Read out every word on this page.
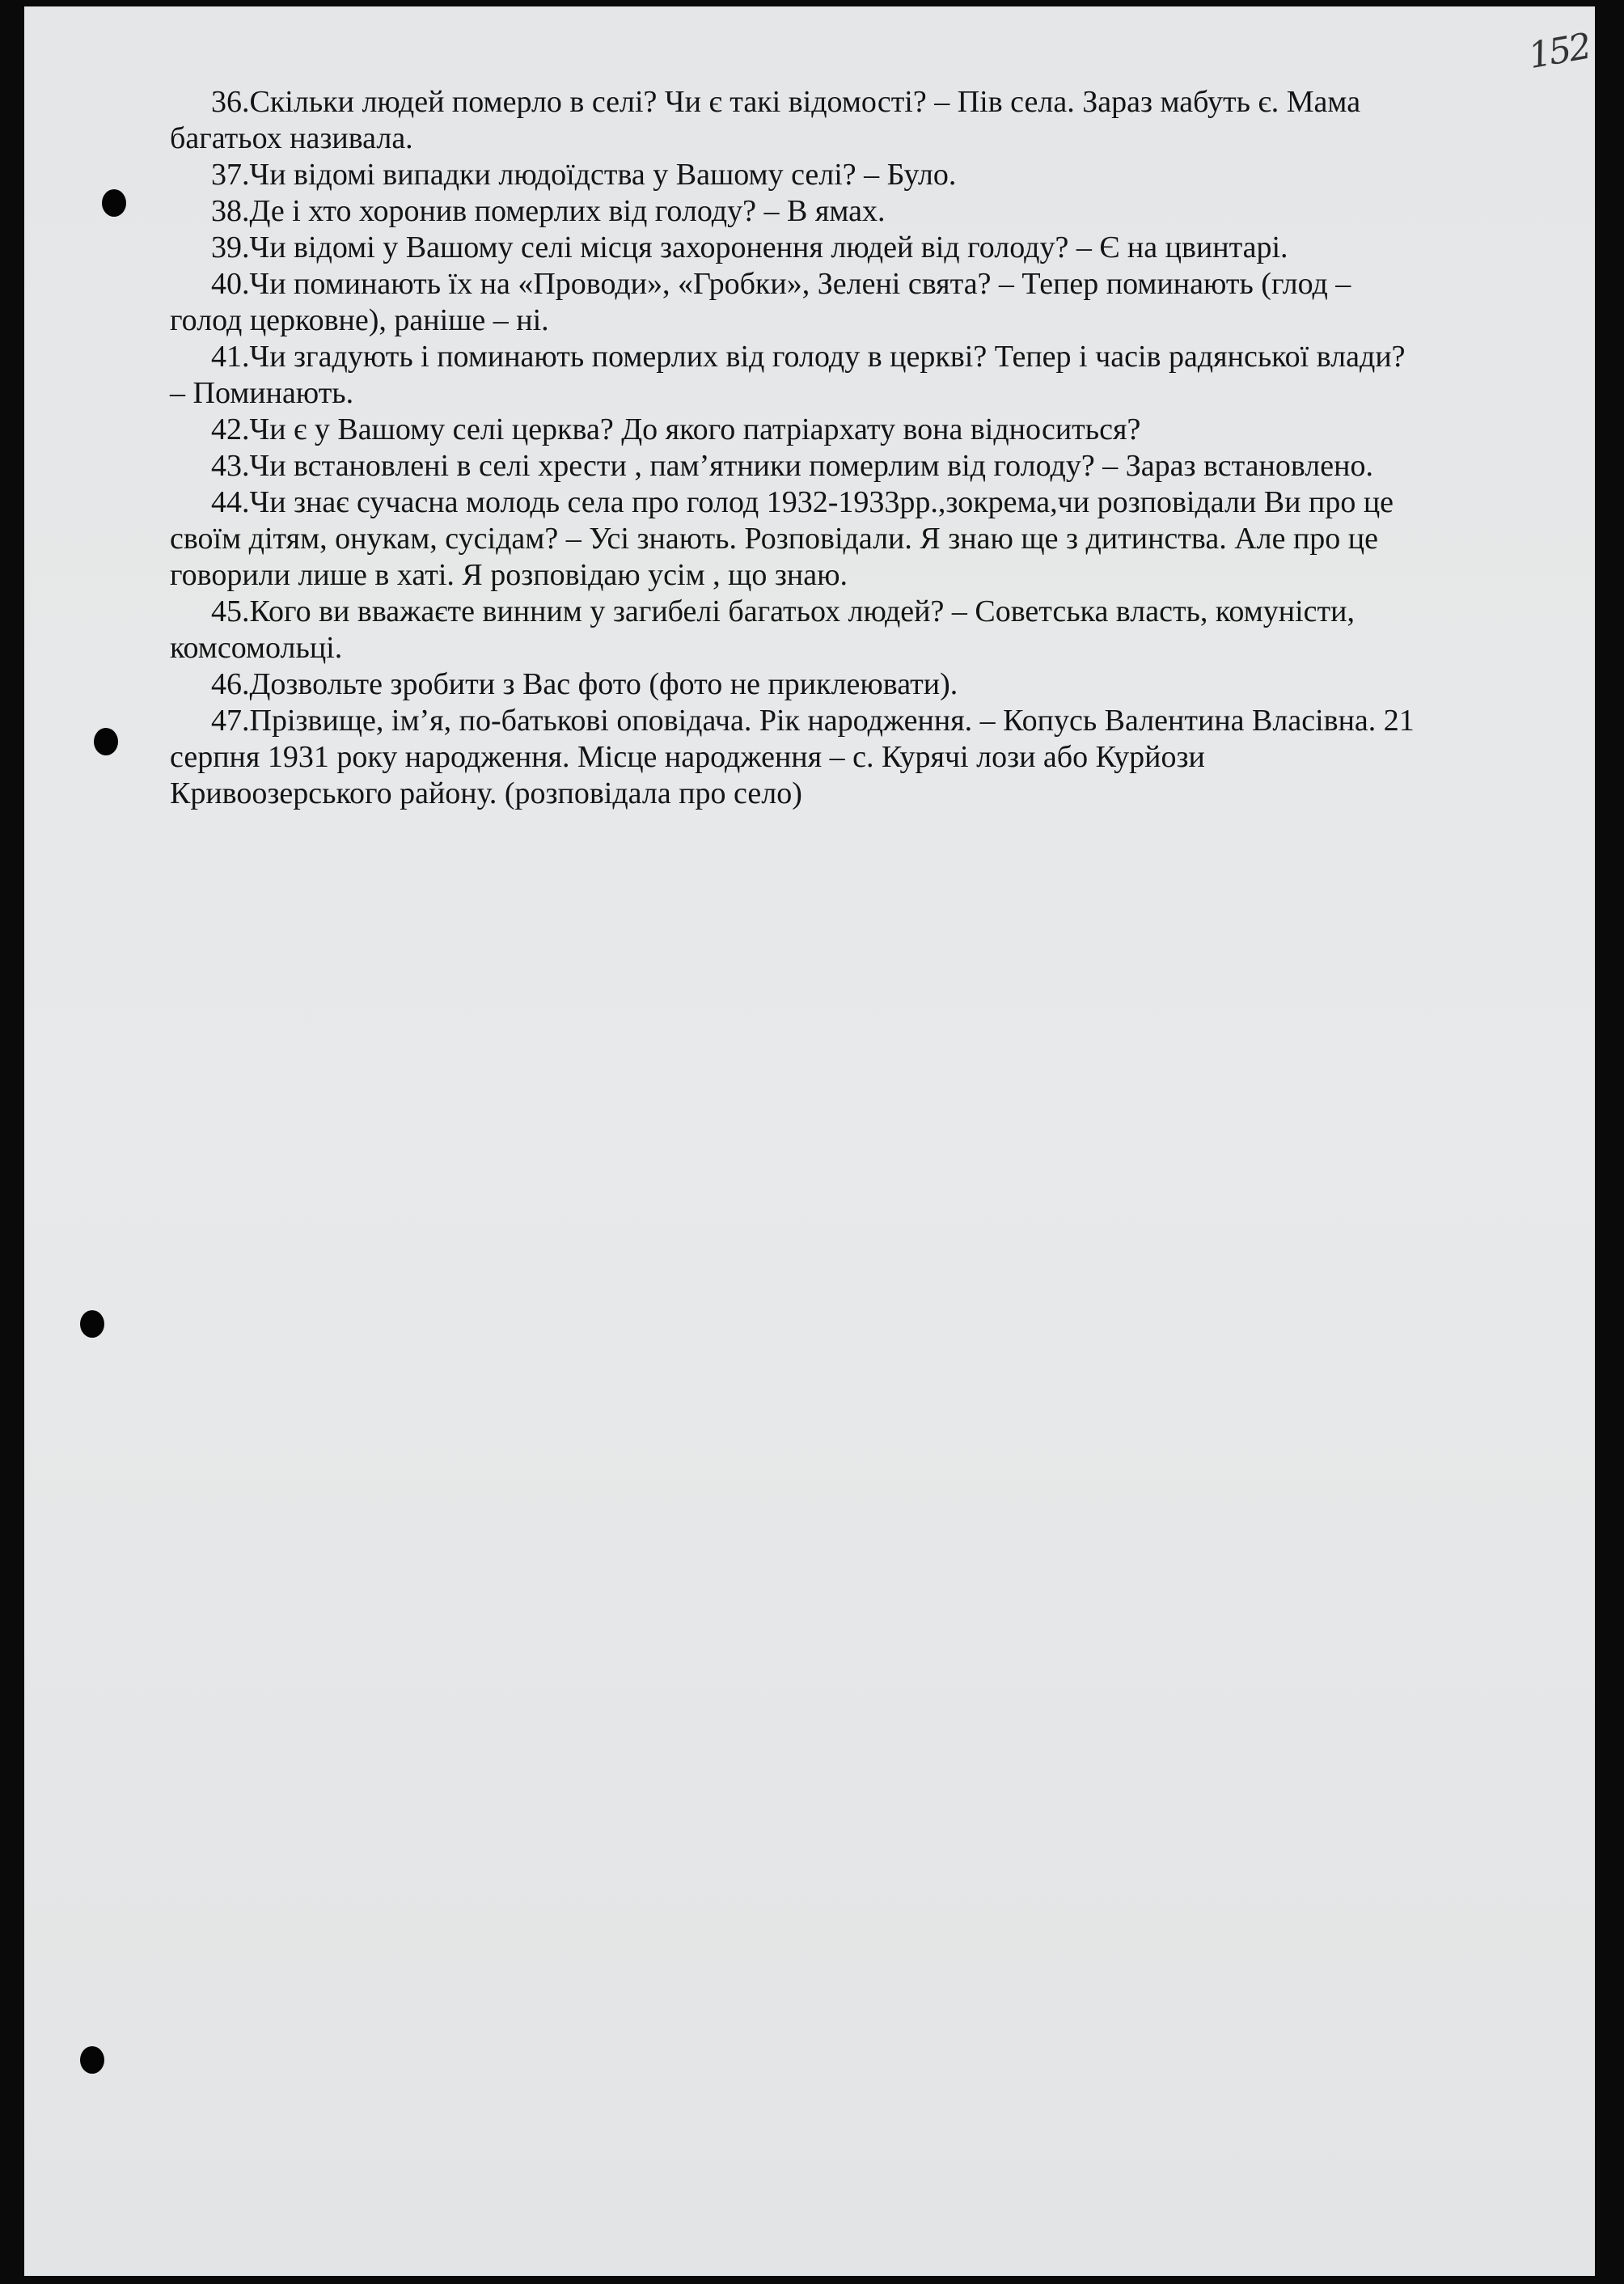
152
36.Скільки людей померло в селі? Чи є такі відомості? – Пів села. Зараз мабуть є. Мама
багатьох називала.
37.Чи відомі випадки людоїдства у Вашому селі? – Було.
38.Де і хто хоронив померлих від голоду? – В ямах.
39.Чи відомі у Вашому селі місця захоронення людей від голоду? – Є на цвинтарі.
40.Чи поминають їх на «Проводи», «Гробки», Зелені свята? – Тепер поминають (глод –
голод церковне), раніше – ні.
41.Чи згадують і поминають померлих від голоду в церкві? Тепер і часів радянської влади?
– Поминають.
42.Чи є у Вашому селі церква? До якого патріархату вона відноситься?
43.Чи встановлені в селі хрести , пам’ятники померлим від голоду? – Зараз встановлено.
44.Чи знає сучасна молодь села про голод 1932-1933рр.,зокрема,чи розповідали Ви про це
своїм дітям, онукам, сусідам? – Усі знають. Розповідали. Я знаю ще з дитинства. Але про це
говорили лише в хаті. Я розповідаю усім , що знаю.
45.Кого ви вважаєте винним у загибелі багатьох людей? – Советська власть, комуністи,
комсомольці.
46.Дозвольте зробити з Вас фото (фото не приклеювати).
47.Прізвище, ім’я, по-батькові оповідача. Рік народження. – Копусь Валентина Власівна. 21
серпня 1931 року народження. Місце народження – с. Курячі лози або Курйози
Кривоозерського району. (розповідала про село)
